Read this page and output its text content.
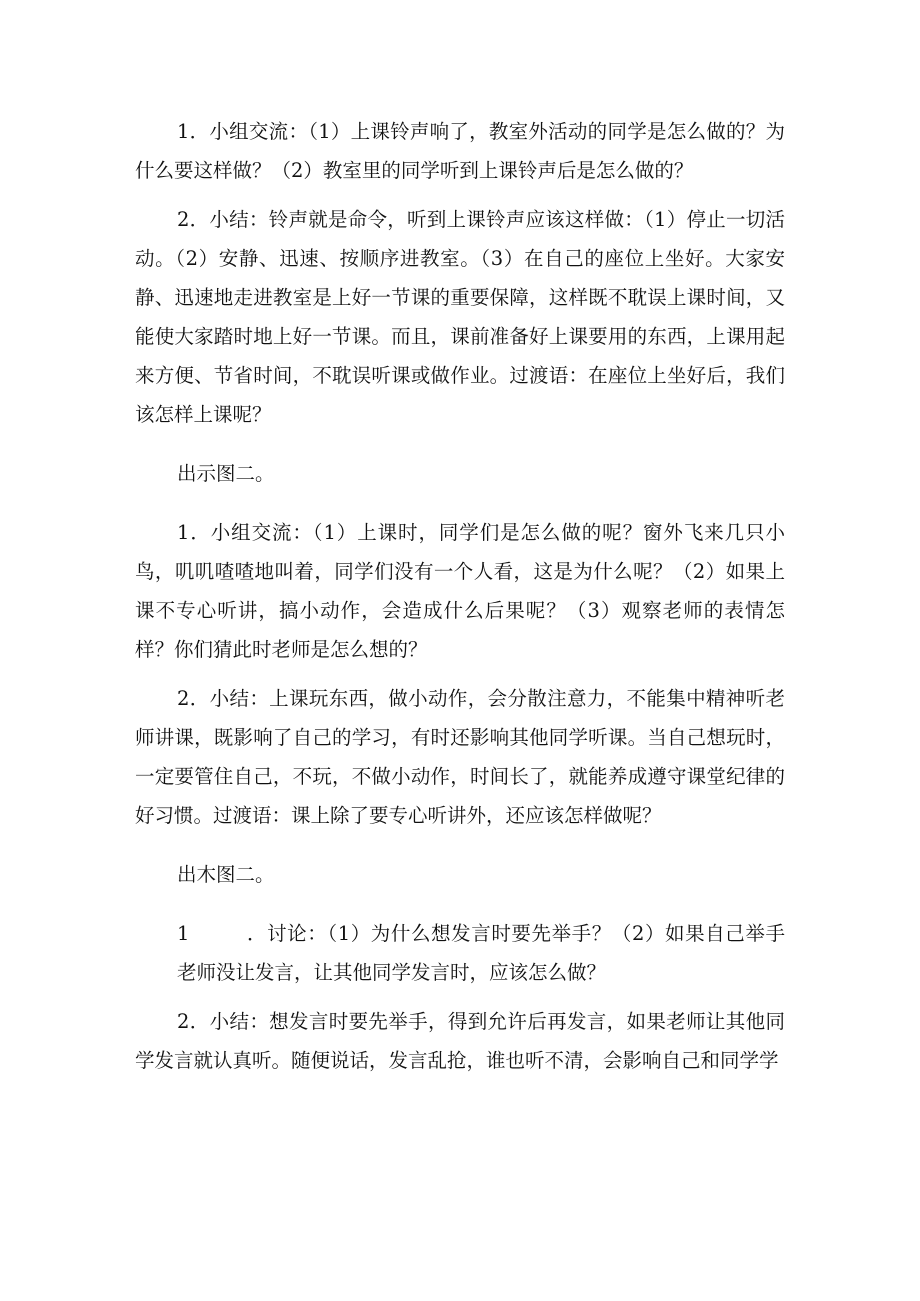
1．小组交流：（1）上课铃声响了，教室外活动的同学是怎么做的？为什么要这样做？（2）教室里的同学听到上课铃声后是怎么做的？

2．小结：铃声就是命令，听到上课铃声应该这样做：（1）停止一切活动。（2）安静、迅速、按顺序进教室。（3）在自己的座位上坐好。大家安静、迅速地走进教室是上好一节课的重要保障，这样既不耽误上课时间，又能使大家踏时地上好一节课。而且，课前准备好上课要用的东西，上课用起来方便、节省时间，不耽误听课或做作业。过渡语：在座位上坐好后，我们该怎样上课呢？

出示图二。

1．小组交流：（1）上课时，同学们是怎么做的呢？窗外飞来几只小鸟，叽叽喳喳地叫着，同学们没有一个人看，这是为什么呢？（2）如果上课不专心听讲，搞小动作，会造成什么后果呢？（3）观察老师的表情怎样？你们猜此时老师是怎么想的？

2．小结：上课玩东西，做小动作，会分散注意力，不能集中精神听老师讲课，既影响了自己的学习，有时还影响其他同学听课。当自己想玩时，一定要管住自己，不玩，不做小动作，时间长了，就能养成遵守课堂纪律的好习惯。过渡语：课上除了要专心听讲外，还应该怎样做呢？

出木图二。

1	．讨论：（1）为什么想发言时要先举手？（2）如果自己举手老师没让发言，让其他同学发言时，应该怎么做？

2．小结：想发言时要先举手，得到允许后再发言，如果老师让其他同学发言就认真听。随便说话，发言乱抢，谁也听不清，会影响自己和同学学
